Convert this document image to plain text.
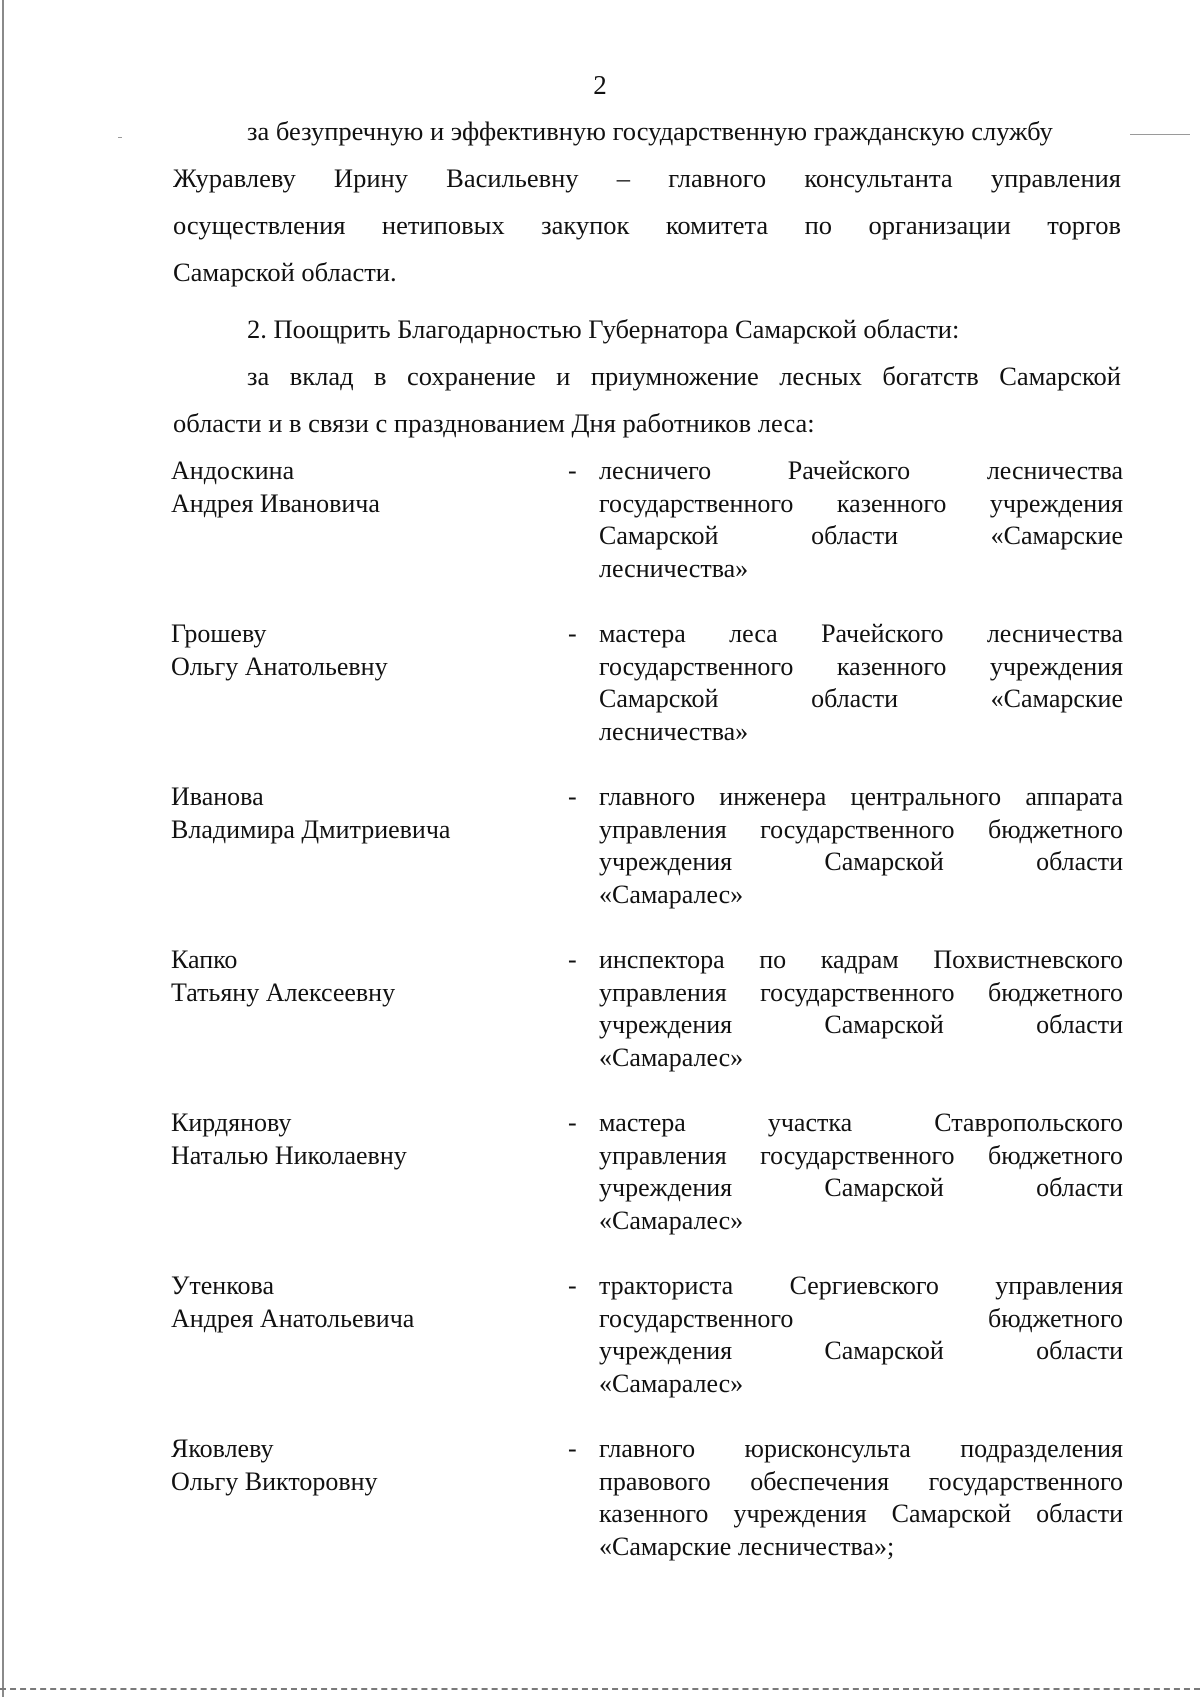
2
за безупречную и эффективную государственную гражданскую службу
Журавлеву Ирину Васильевну – главного консультанта управления
осуществления нетиповых закупок комитета по организации торгов
Самарской области.
2. Поощрить Благодарностью Губернатора Самарской области:
за вклад в сохранение и приумножение лесных богатств Самарской
области и в связи с празднованием Дня работников леса:
Андоскина
Андрея Ивановича
- лесничего Рачейского лесничества
государственного казенного учреждения
Самарской области «Самарские
лесничества»
Грошеву
Ольгу Анатольевну
- мастера леса Рачейского лесничества
государственного казенного учреждения
Самарской области «Самарские
лесничества»
Иванова
Владимира Дмитриевича
- главного инженера центрального аппарата
управления государственного бюджетного
учреждения Самарской области
«Самаралес»
Капко
Татьяну Алексеевну
- инспектора по кадрам Похвистневского
управления государственного бюджетного
учреждения Самарской области
«Самаралес»
Кирдянову
Наталью Николаевну
- мастера участка Ставропольского
управления государственного бюджетного
учреждения Самарской области
«Самаралес»
Утенкова
Андрея Анатольевича
- тракториста Сергиевского управления
государственного бюджетного
учреждения Самарской области
«Самаралес»
Яковлеву
Ольгу Викторовну
- главного юрисконсульта подразделения
правового обеспечения государственного
казенного учреждения Самарской области
«Самарские лесничества»;
